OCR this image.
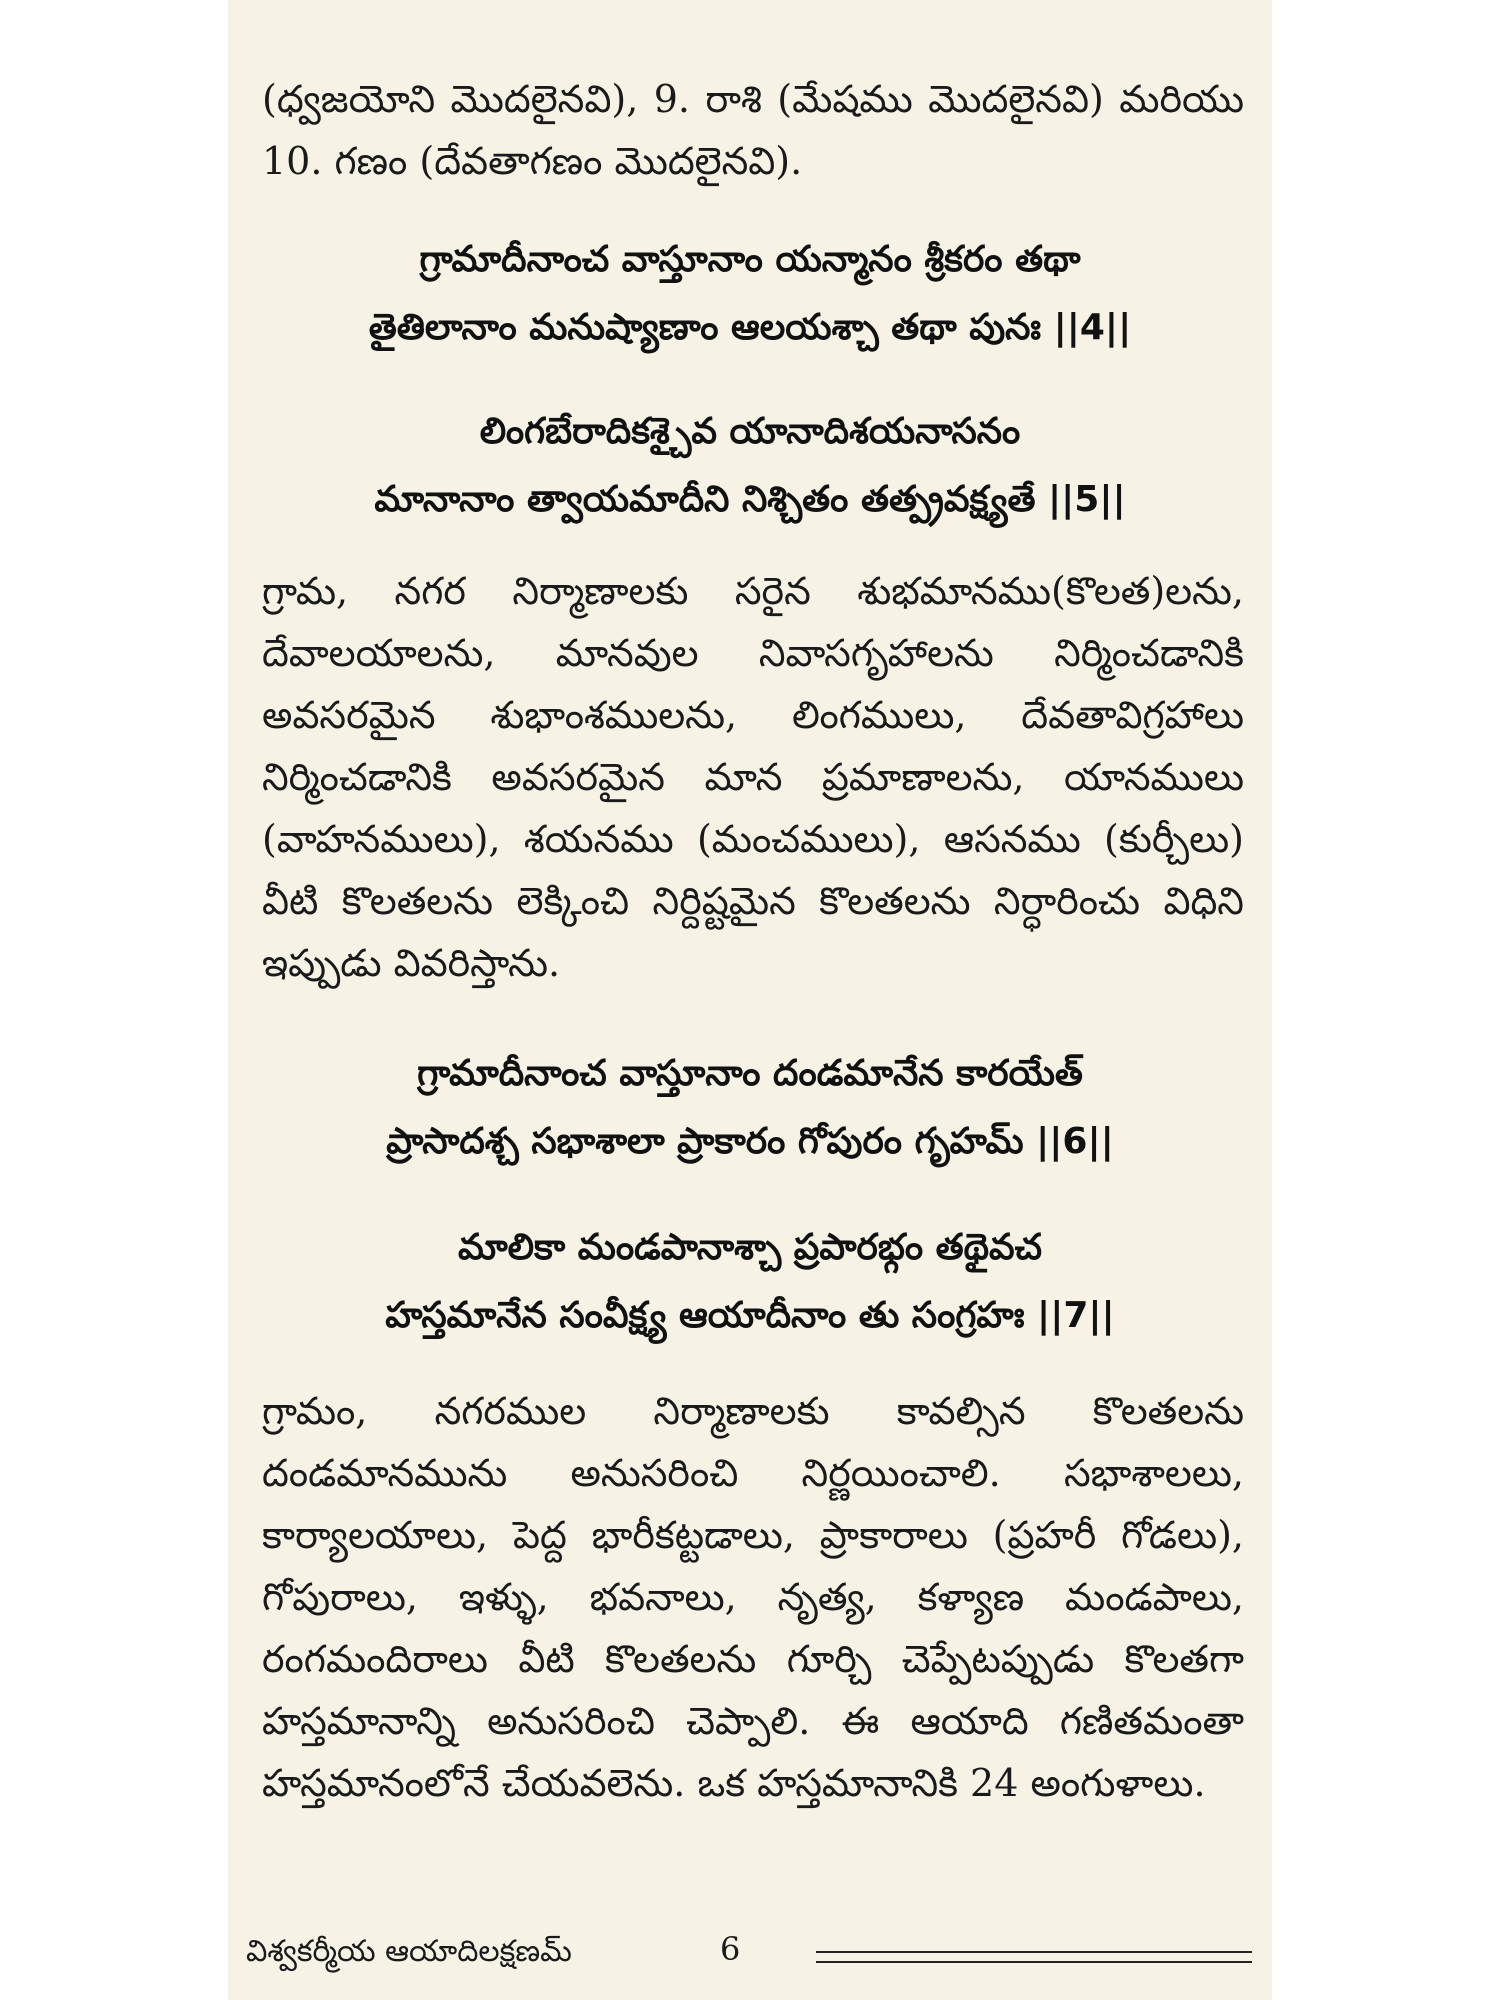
(ధ్వజయోని మొదలైనవి), 9. రాశి (మేషము మొదలైనవి) మరియు 10. గణం (దేవతాగణం మొదలైనవి).
గ్రామాదీనాంచ వాస్తూనాం యన్మానం శ్రీకరం తథా
తైతిలానాం మనుష్యాణాం ఆలయశ్చా తథా పునః ||4||
లింగబేరాదికశ్చైవ యానాదిశయనాసనం
మానానాం త్వాయమాదీని నిశ్చితం తత్ప్రవక్ష్యతే ||5||
గ్రామ, నగర నిర్మాణాలకు సరైన శుభమానము(కొలత)లను, దేవాలయాలను, మానవుల నివాసగృహాలను నిర్మించడానికి అవసరమైన శుభాంశములను, లింగములు, దేవతావిగ్రహాలు నిర్మించడానికి అవసరమైన మాన ప్రమాణాలను, యానములు (వాహనములు), శయనము (మంచములు), ఆసనము (కుర్చీలు) వీటి కొలతలను లెక్కించి నిర్దిష్టమైన కొలతలను నిర్ధారించు విధిని ఇప్పుడు వివరిస్తాను.
గ్రామాదీనాంచ వాస్తూనాం దండమానేన కారయేత్
ప్రాసాదశ్చ సభాశాలా ప్రాకారం గోపురం గృహమ్ ||6||
మాలికా మండపానాశ్చా ప్రపారభ్గం తథైవచ
హస్తమానేన సంవీక్ష్య ఆయాదీనాం తు సంగ్రహః ||7||
గ్రామం, నగరముల నిర్మాణాలకు కావల్సిన కొలతలను దండమానమును అనుసరించి నిర్ణయించాలి. సభాశాలలు, కార్యాలయాలు, పెద్ద భారీకట్టడాలు, ప్రాకారాలు (ప్రహరీ గోడలు), గోపురాలు, ఇళ్ళు, భవనాలు, నృత్య, కళ్యాణ మండపాలు, రంగమందిరాలు వీటి కొలతలను గూర్చి చెప్పేటప్పుడు కొలతగా హస్తమానాన్ని అనుసరించి చెప్పాలి. ఈ ఆయాది గణితమంతా హస్తమానంలోనే చేయవలెను. ఒక హస్తమానానికి 24 అంగుళాలు.
విశ్వకర్మీయ ఆయాదిలక్షణమ్	6
